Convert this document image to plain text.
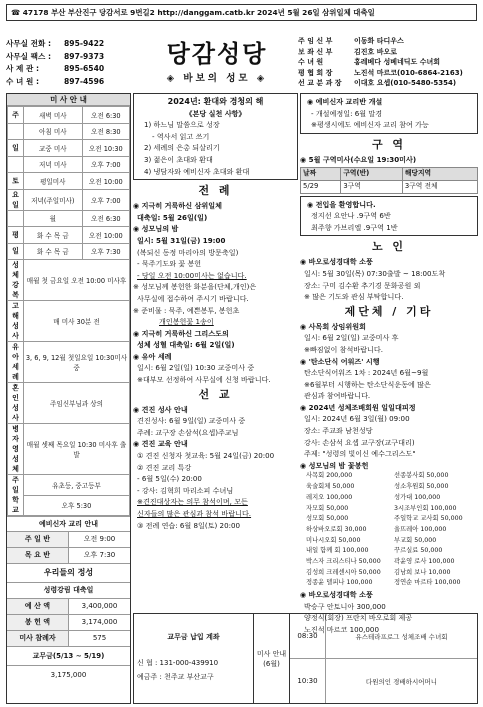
☎ 47178 부산 부산진구 당감서로 9번길2 http://danggam.catb.kr 2024년 5월 26일 삼위일체 대축일
사무실 전화 :	895-9422
사무실 팩스 :	897-9373
사 제 관 :	895-6540
수 녀 원 :	897-4596
당감성당
◈ 바보의 성모 ◈
주 임 신 부	이동화 타디우스
보 좌 신 부	김진호 바오로
수 녀 원	홍레베다 성베네딕도 수녀회
평 협 회 장	노진석 마르코(010-6864-2163)
선 교 분 과 장	이대호 요셉(010-5480-5354)
미 사 안 내
주	새벽 미사	오전 6:30
	아침 미사	오전 8:30
일	교중 미사	오전 10:30
	저녁 미사	오후 7:00
토	평일미사	오전 10:00
요일	저녁(주일미사)	오후 7:00
	월	오전 6:30
평	화 수 목 금	오전 10:00
일	화 수 목 금	오후 7:30
성체강복	매월 첫 금요일 오전 10:00 미사후	
고해성사	매 미사 30분 전	
유아세례	3, 6, 9, 12월 첫일요일 10:30미사중	
혼인성사	주임신부님과 상의	
병자영성체	매월 셋째 목요일 10:30 미사후 출발	
주일학교	유초등, 중고등부	
	오후 5:30	
예비신자 교리 안내
주 일 반	오전 9:00
목 요 반	오후 7:30
우리들의 정성
성령강림 대축일
예 산 액	3,400,000
봉 헌 액	3,174,000
미사 참례자	575
교무금(5/13 ~ 5/19)
3,175,000
2024년: 환대와 경청의 해
《본당 실천 사항》
1) 하느님 말씀으로 성장
- 역사서 읽고 쓰기
2) 세례의 은총 되살리기
3) 젊은이 초대와 환대
4) 냉담자와 예비신자 초대와 환대
전 례
◉ 지극히 거룩하신 삼위일체
대축일: 5월 26일(일)
◉ 성모님의 밤
일시: 5월 31일(금) 19:00
(복되신 동정 마리아의 방문축일)
- 묵주기도와 꽃 봉헌
- 당일 오전 10:00미사는 없습니다.
※ 성모님께 봉헌한 화분을(단체,개인)은
사무실에 접수하여 주시기 바랍니다.
※ 준비물 : 묵주, 예쁜봉투, 봉헌초
개인봉헌꽃 1송이
◉ 지극히 거룩하신 그리스도의
성체 성혈 대축일: 6월 2일(일)
◉ 유아 세례
일시: 6월 2일(일) 10:30 교중미사 중
※대부모 선정하여 사무실에 신청 바랍니다.
선 교
◉ 견진 성사 안내
견진성사: 6월 9일(일) 교중미사 중
주례: 교구장 손삼석(요셉)주교님
◉ 견진 교육 안내
① 견진 신청자 첫교육: 5월 24일(금) 20:00
② 견진 교리 특강
- 6월 5일(수) 20:00
- 강사: 김혁희 마리소피 수녀님
※견진대상자는 의무 참석이며, 모든
신자들의 많은 관심과 참석 바랍니다.
③ 전례 연습: 6월 8일(토) 20:00
교무금 납입 계좌
신 협 : 131-000-439910
예금주 : 천주교 부산교구
미사 안내 (6월)
08:30	유스테라프로그 성체조배 수녀회
10:30	다원의인 경배하시어머니
◉ 예비신자 교리반 개설
- 개설예정일: 6월 말경
※평생시에도 예비신자 교리 참여 가능
구 역
◉ 5월 구역미사(수요일 19:30미사)
날짜	구역(반)	해당지역
5/29	3구역	3구역 전체
◉ 전입을 환영합니다.
정지선 요안나 .9구역 6반
최주향 가브리엘 .9구역 1반
노 인
◉ 바오로성경대학 소풍
일시: 5월 30일(목) 07:30출발 ~ 18:00도착
장소: 구미 김수환 추기경 문화공원 외
※ 많은 기도와 관심 부탁합니다.
제단체 / 기타
◉ 사목회 상임위원회
일시: 6월 2일(일) 교중미사 후
※빠짐없이 참석바랍니다.
◉ '탄소단식 어워즈' 시행
탄소단식어워즈 1차 : 2024년 6월~9월
※6월부터 시행하는 탄소단식운동에 많은
관심과 참여바랍니다.
◉ 2024년 성체조배회원 일일대피정
일시: 2024년 6월 3일(월) 09:00
장소: 주교좌 남천성당
강사: 손삼석 요셉 교구장(교구대리)
주제: "성령의 빛이신 예수그리스도"
◉ 성모님의 밤 꽃봉헌
사목회 200,000	선종봉사회 50,000
육술회체 50,000	성소후원회 50,000
레지오 100,000	성가대 100,000
자모회 50,000	3시조부인회 100,000
성모회 50,000	주일학교 교사회 50,000
하상바오로회 30,000	울뜨레아 100,000
미나시오회 50,000	부교회 50,000
내일 함께 회 100,000	꾸르실료 50,000
박스자 크리스티나 50,000	곽윤영 로사 100,000
김성희 크레센시아 50,000	김남희 보나 10,000
정종윤 델피나 100,000	정연순 마르타 100,000
◉ 바오로성경대학 소풍
박승구 안토니아 300,000
양정식(회장) 프란치 바오로회 제공
노진석 마르코 100,000
